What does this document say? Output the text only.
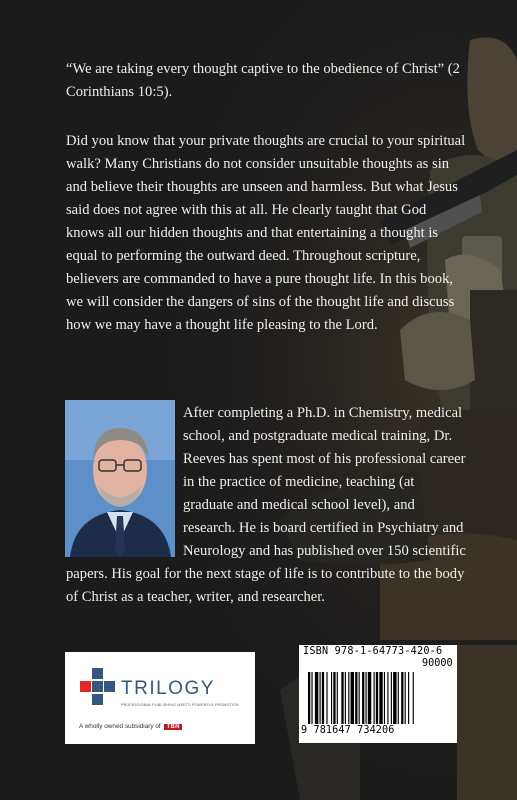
“We are taking every thought captive to the obedience of Christ” (2 Corinthians 10:5).
Did you know that your private thoughts are crucial to your spiritual walk? Many Christians do not consider unsuitable thoughts as sin and believe their thoughts are unseen and harmless. But what Jesus said does not agree with this at all. He clearly taught that God knows all our hidden thoughts and that entertaining a thought is equal to performing the outward deed. Throughout scripture, believers are commanded to have a pure thought life. In this book, we will consider the dangers of sins of the thought life and discuss how we may have a thought life pleasing to the Lord.
After completing a Ph.D. in Chemistry, medical school, and postgraduate medical training, Dr. Reeves has spent most of his professional career in the practice of medicine, teaching (at graduate and medical school level), and research. He is board certified in Psychiatry and Neurology and has published over 150 scientific papers. His goal for the next stage of life is to contribute to the body of Christ as a teacher, writer, and researcher.
TRILOGY
PROFESSIONAL PUBLISHING MEETS POWERFUL PROMOTION
A wholly owned subsidiary of TBN
ISBN 978-1-64773-420-6
90000
9 781647 734206
